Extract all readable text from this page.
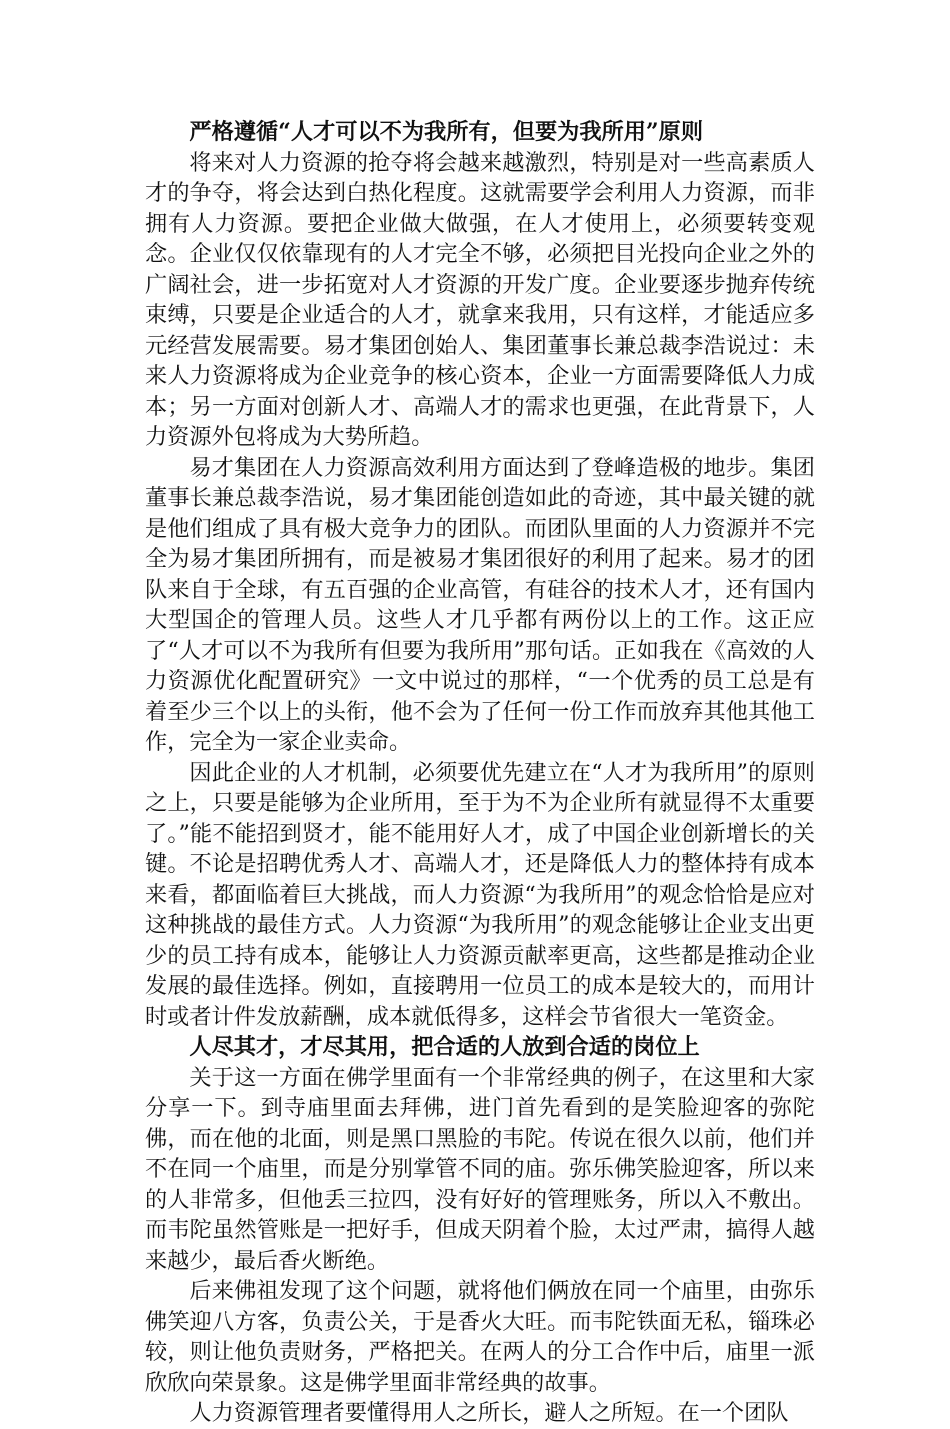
严格遵循“人才可以不为我所有，但要为我所用”原则

将来对人力资源的抢夺将会越来越激烈，特别是对一些高素质人才的争夺，将会达到白热化程度。这就需要学会利用人力资源，而非拥有人力资源。要把企业做大做强，在人才使用上，必须要转变观念。企业仅仅依靠现有的人才完全不够，必须把目光投向企业之外的广阔社会，进一步拓宽对人才资源的开发广度。企业要逐步抛弃传统束缚，只要是企业适合的人才，就拿来我用，只有这样，才能适应多元经营发展需要。易才集团创始人、集团董事长兼总裁李浩说过：未来人力资源将成为企业竞争的核心资本，企业一方面需要降低人力成本；另一方面对创新人才、高端人才的需求也更强，在此背景下，人力资源外包将成为大势所趋。

易才集团在人力资源高效利用方面达到了登峰造极的地步。集团董事长兼总裁李浩说，易才集团能创造如此的奇迹，其中最关键的就是他们组成了具有极大竞争力的团队。而团队里面的人力资源并不完全为易才集团所拥有，而是被易才集团很好的利用了起来。易才的团队来自于全球，有五百强的企业高管，有硅谷的技术人才，还有国内大型国企的管理人员。这些人才几乎都有两份以上的工作。这正应了“人才可以不为我所有但要为我所用”那句话。正如我在《高效的人力资源优化配置研究》一文中说过的那样，“一个优秀的员工总是有着至少三个以上的头衔，他不会为了任何一份工作而放弃其他其他工作，完全为一家企业卖命。

因此企业的人才机制，必须要优先建立在“人才为我所用”的原则之上，只要是能够为企业所用，至于为不为企业所有就显得不太重要了。”能不能招到贤才，能不能用好人才，成了中国企业创新增长的关键。不论是招聘优秀人才、高端人才，还是降低人力的整体持有成本来看，都面临着巨大挑战，而人力资源“为我所用”的观念恰恰是应对这种挑战的最佳方式。人力资源“为我所用”的观念能够让企业支出更少的员工持有成本，能够让人力资源贡献率更高，这些都是推动企业发展的最佳选择。例如，直接聘用一位员工的成本是较大的，而用计时或者计件发放薪酬，成本就低得多，这样会节省很大一笔资金。

人尽其才，才尽其用，把合适的人放到合适的岗位上

关于这一方面在佛学里面有一个非常经典的例子，在这里和大家分享一下。到寺庙里面去拜佛，进门首先看到的是笑脸迎客的弥陀佛，而在他的北面，则是黑口黑脸的韦陀。传说在很久以前，他们并不在同一个庙里，而是分别掌管不同的庙。弥乐佛笑脸迎客，所以来的人非常多，但他丢三拉四，没有好好的管理账务，所以入不敷出。而韦陀虽然管账是一把好手，但成天阴着个脸，太过严肃，搞得人越来越少，最后香火断绝。

后来佛祖发现了这个问题，就将他们俩放在同一个庙里，由弥乐佛笑迎八方客，负责公关，于是香火大旺。而韦陀铁面无私，锱珠必较，则让他负责财务，严格把关。在两人的分工合作中后，庙里一派欣欣向荣景象。这是佛学里面非常经典的故事。

人力资源管理者要懂得用人之所长，避人之所短。在一个团队
